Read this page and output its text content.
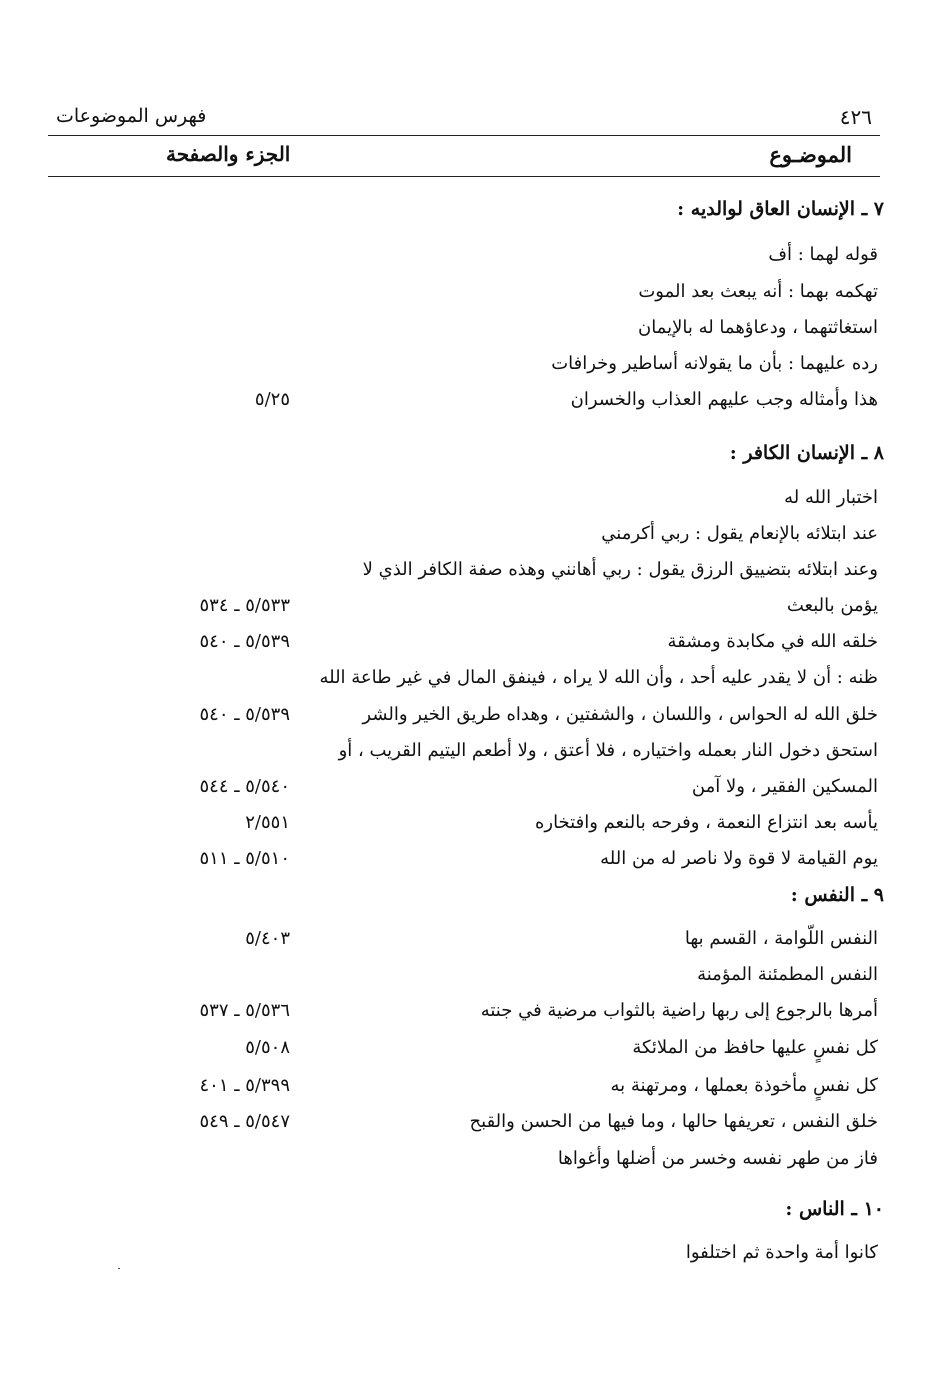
٤٢٦
فهرس الموضوعات
الموضـوع
الجزء والصفحة
٧ ـ الإنسان العاق لوالديه :
قوله لهما : أف
تهكمه بهما : أنه يبعث بعد الموت
استغاثتهما ، ودعاؤهما له بالإيمان
رده عليهما : بأن ما يقولانه أساطير وخرافات
هذا وأمثاله وجب عليهم العذاب والخسران
٥/٢٥
٨ ـ الإنسان الكافر :
اختبار الله له
عند ابتلائه بالإنعام يقول : ربي أكرمني
وعند ابتلائه بتضييق الرزق يقول : ربي أهانني وهذه صفة الكافر الذي لا
يؤمن بالبعث
٥/٥٣٣ ـ ٥٣٤
خلقه الله في مكابدة ومشقة
٥/٥٣٩ ـ ٥٤٠
ظنه : أن لا يقدر عليه أحد ، وأن الله لا يراه ، فينفق المال في غير طاعة الله
خلق الله له الحواس ، واللسان ، والشفتين ، وهداه طريق الخير والشر
٥/٥٣٩ ـ ٥٤٠
استحق دخول النار بعمله واختياره ، فلا أعتق ، ولا أطعم اليتيم القريب ، أو
المسكين الفقير ، ولا آمن
٥/٥٤٠ ـ ٥٤٤
يأسه بعد انتزاع النعمة ، وفرحه بالنعم وافتخاره
٢/٥٥١
يوم القيامة لا قوة ولا ناصر له من الله
٥/٥١٠ ـ ٥١١
٩ ـ النفس :
النفس اللّوامة ، القسم بها
٥/٤٠٣
النفس المطمئنة المؤمنة
أمرها بالرجوع إلى ربها راضية بالثواب مرضية في جنته
٥/٥٣٦ ـ ٥٣٧
كل نفسٍ عليها حافظ من الملائكة
٥/٥٠٨
كل نفسٍ مأخوذة بعملها ، ومرتهنة به
٥/٣٩٩ ـ ٤٠١
خلق النفس ، تعريفها حالها ، وما فيها من الحسن والقبح
٥/٥٤٧ ـ ٥٤٩
فاز من طهر نفسه وخسر من أضلها وأغواها
١٠ ـ الناس :
كانوا أمة واحدة ثم اختلفوا
